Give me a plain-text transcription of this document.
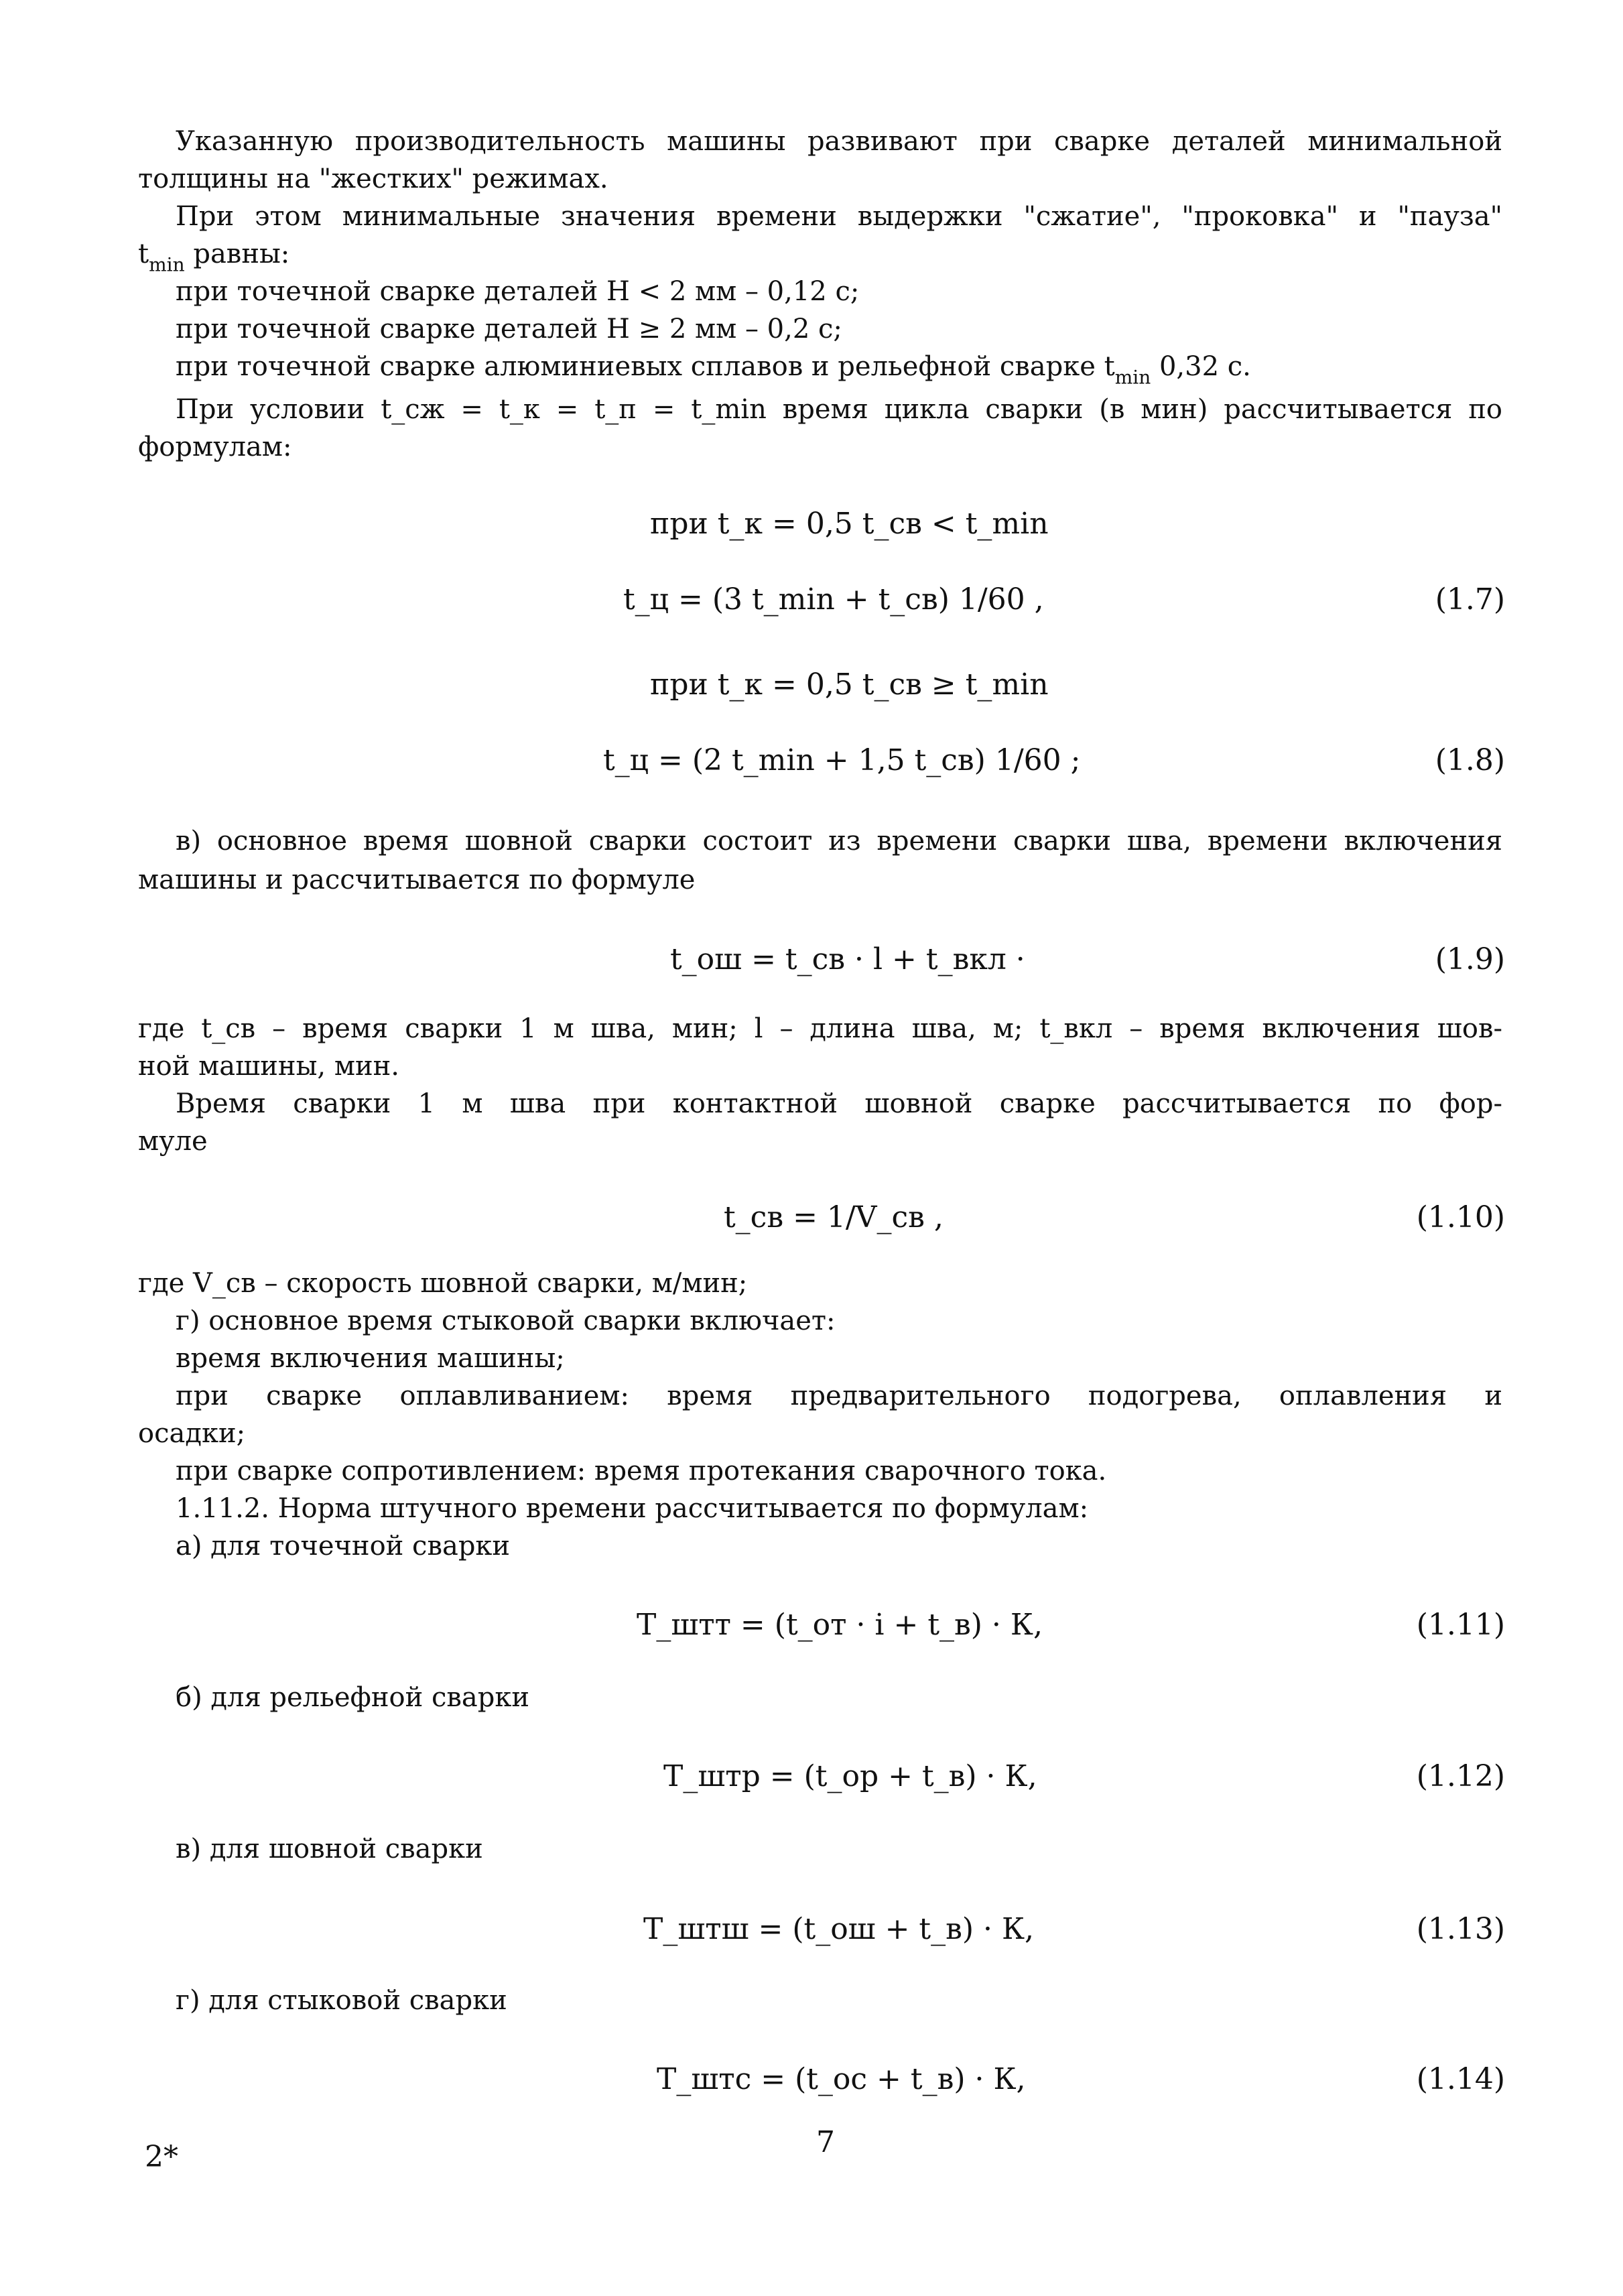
Указанную производительность машины развивают при сварке деталей минимальной
толщины на "жестких" режимах.
При этом минимальные значения времени выдержки "сжатие", "проковка" и "пауза"
$t_{min}$ равны:
при точечной сварке деталей H < 2 мм – 0,12 с;
при точечной сварке деталей H ≥ 2 мм – 0,2 с;
при точечной сварке алюминиевых сплавов и рельефной сварке $t_{min}$ 0,32 с.
При условии t_сж = t_к = t_п = t_min время цикла сварки (в мин) рассчитывается по
формулам:
при t_к = 0,5 t_св < t_min
t_ц = (3 t_min + t_св) 1/60 ,	(1.7)
при t_к = 0,5 t_св ≥ t_min
t_ц = (2 t_min + 1,5 t_св) 1/60 ;	(1.8)
в) основное время шовной сварки состоит из времени сварки шва, времени включения
машины и рассчитывается по формуле
t_ош = t_св · l + t_вкл ·	(1.9)
где t_св – время сварки 1 м шва, мин; l – длина шва, м; t_вкл – время включения шов-
ной машины, мин.
Время сварки 1 м шва при контактной шовной сварке рассчитывается по фор-
муле
t_св = 1/V_св ,	(1.10)
где V_св – скорость шовной сварки, м/мин;
г) основное время стыковой сварки включает:
время включения машины;
при сварке оплавливанием: время предварительного подогрева, оплавления и
осадки;
при сварке сопротивлением: время протекания сварочного тока.
1.11.2. Норма штучного времени рассчитывается по формулам:
а) для точечной сварки
T_штт = (t_от · i + t_в) · К,	(1.11)
б) для рельефной сварки
T_штр = (t_ор + t_в) · К,	(1.12)
в) для шовной сварки
T_штш = (t_ош + t_в) · К,	(1.13)
г) для стыковой сварки
T_штс = (t_ос + t_в) · К,	(1.14)
2*	7
